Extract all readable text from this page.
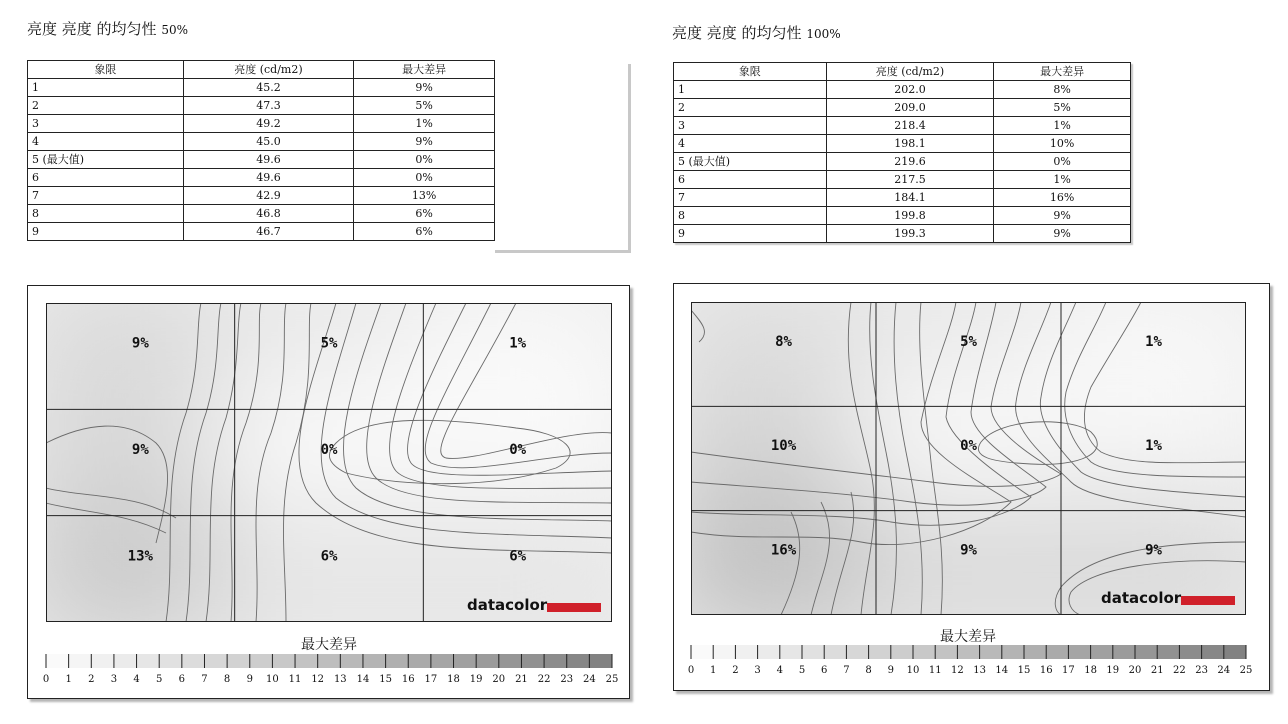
亮度 亮度 的均匀性 50%	亮度 亮度 的均匀性 100%
象限	亮度 (cd/m2)	最大差异
1	45.2	9%
2	47.3	5%
3	49.2	1%
4	45.0	9%
5 (最大值)	49.6	0%
6	49.6	0%
7	42.9	13%
8	46.8	6%
9	46.7	6%
象限	亮度 (cd/m2)	最大差异
1	202.0	8%
2	209.0	5%
3	218.4	1%
4	198.1	10%
5 (最大值)	219.6	0%
6	217.5	1%
7	184.1	16%
8	199.8	9%
9	199.3	9%
9%	5%	1%
9%	0%	0%
13%	6%	6%
datacolor
最大差异
0 1 2 3 4 5 6 7 8 9 10 11 12 13 14 15 16 17 18 19 20 21 22 23 24 25
8%	5%	1%
10%	0%	1%
16%	9%	9%
datacolor
最大差异
0 1 2 3 4 5 6 7 8 9 10 11 12 13 14 15 16 17 18 19 20 21 22 23 24 25
